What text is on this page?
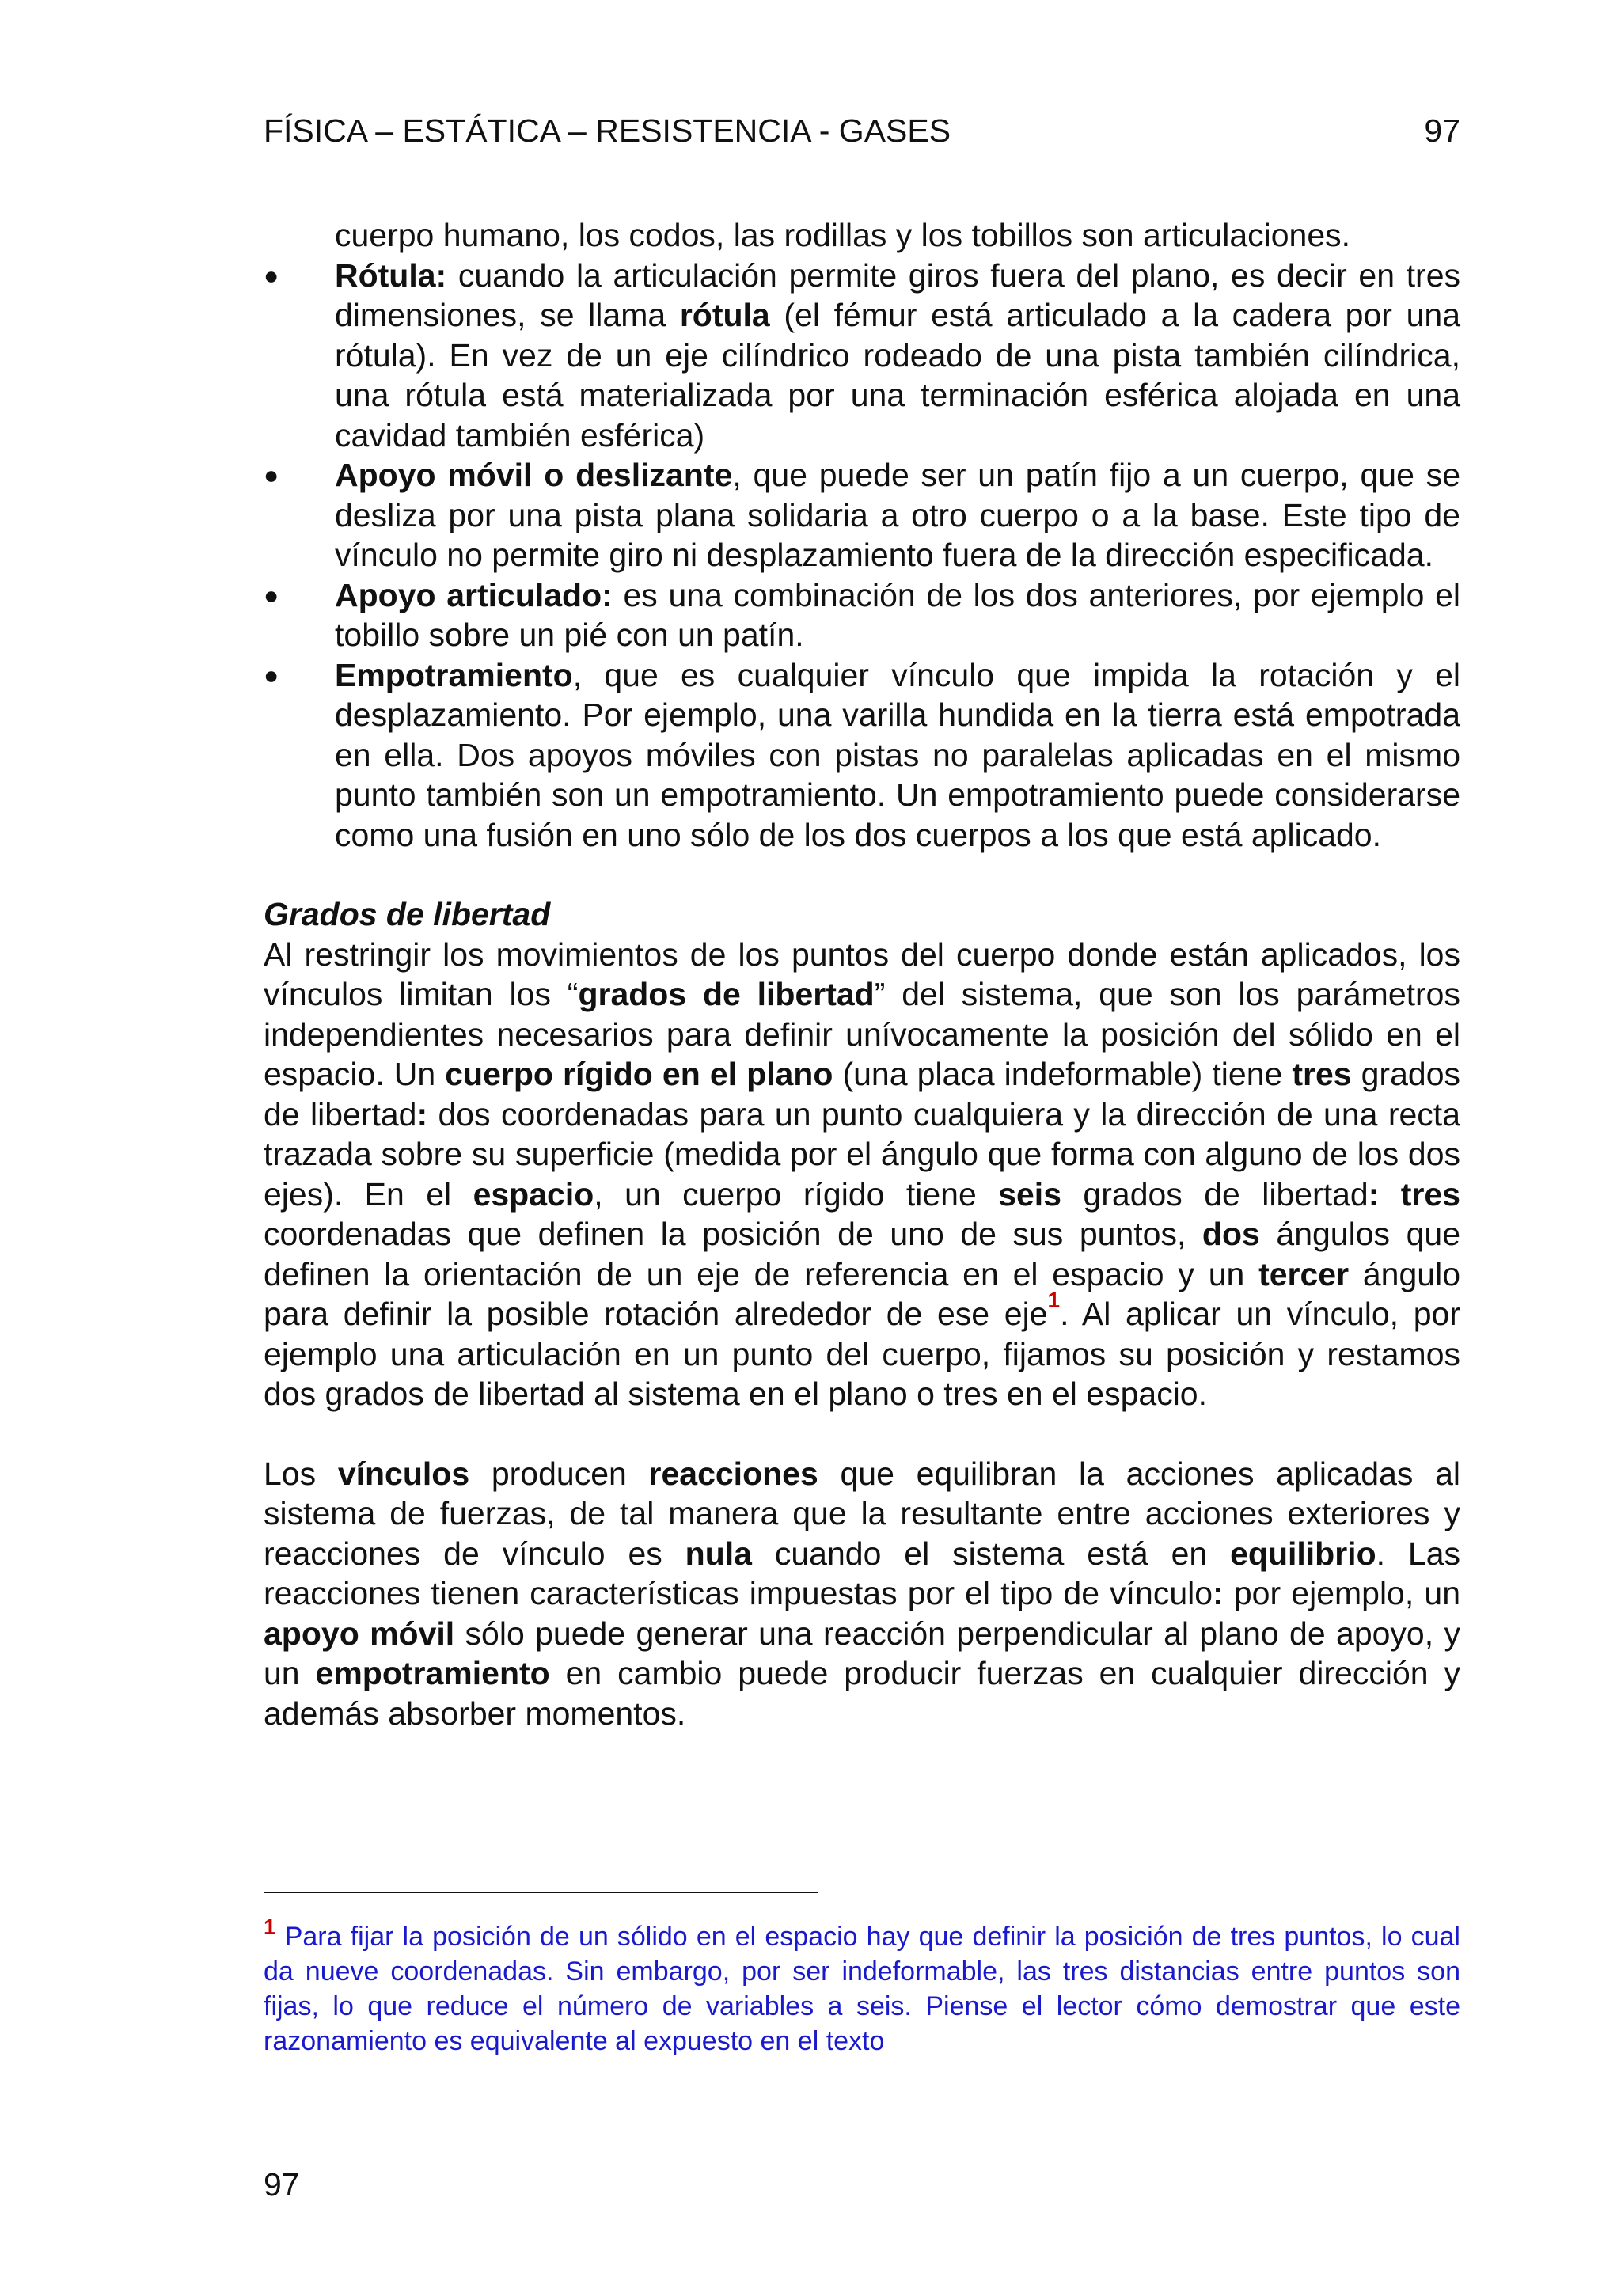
FÍSICA – ESTÁTICA – RESISTENCIA - GASES	97

cuerpo humano, los codos, las rodillas y los tobillos son articulaciones.

● Rótula: cuando la articulación permite giros fuera del plano, es decir en tres dimensiones, se llama rótula (el fémur está articulado a la cadera por una rótula). En vez de un eje cilíndrico rodeado de una pista también cilíndrica, una rótula está materializada por una terminación esférica alojada en una cavidad también esférica)
● Apoyo móvil o deslizante, que puede ser un patín fijo a un cuerpo, que se desliza por una pista plana solidaria a otro cuerpo o a la base. Este tipo de vínculo no permite giro ni desplazamiento fuera de la dirección especificada.
● Apoyo articulado: es una combinación de los dos anteriores, por ejemplo el tobillo sobre un pié con un patín.
● Empotramiento, que es cualquier vínculo que impida la rotación y el desplazamiento. Por ejemplo, una varilla hundida en la tierra está empotrada en ella. Dos apoyos móviles con pistas no paralelas aplicadas en el mismo punto también son un empotramiento. Un empotramiento puede considerarse como una fusión en uno sólo de los dos cuerpos a los que está aplicado.

Grados de libertad

Al restringir los movimientos de los puntos del cuerpo donde están aplicados, los vínculos limitan los “grados de libertad” del sistema, que son los parámetros independientes necesarios para definir unívocamente la posición del sólido en el espacio. Un cuerpo rígido en el plano (una placa indeformable) tiene tres grados de libertad: dos coordenadas para un punto cualquiera y la dirección de una recta trazada sobre su superficie (medida por el ángulo que forma con alguno de los dos ejes). En el espacio, un cuerpo rígido tiene seis grados de libertad: tres coordenadas que definen la posición de uno de sus puntos, dos ángulos que definen la orientación de un eje de referencia en el espacio y un tercer ángulo para definir la posible rotación alrededor de ese eje$^1$. Al aplicar un vínculo, por ejemplo una articulación en un punto del cuerpo, fijamos su posición y restamos dos grados de libertad al sistema en el plano o tres en el espacio.

Los vínculos producen reacciones que equilibran la acciones aplicadas al sistema de fuerzas, de tal manera que la resultante entre acciones exteriores y reacciones de vínculo es nula cuando el sistema está en equilibrio. Las reacciones tienen características impuestas por el tipo de vínculo: por ejemplo, un apoyo móvil sólo puede generar una reacción perpendicular al plano de apoyo, y un empotramiento en cambio puede producir fuerzas en cualquier dirección y además absorber momentos.

$^1$ Para fijar la posición de un sólido en el espacio hay que definir la posición de tres puntos, lo cual da nueve coordenadas. Sin embargo, por ser indeformable, las tres distancias entre puntos son fijas, lo que reduce el número de variables a seis. Piense el lector cómo demostrar que este razonamiento es equivalente al expuesto en el texto
97
